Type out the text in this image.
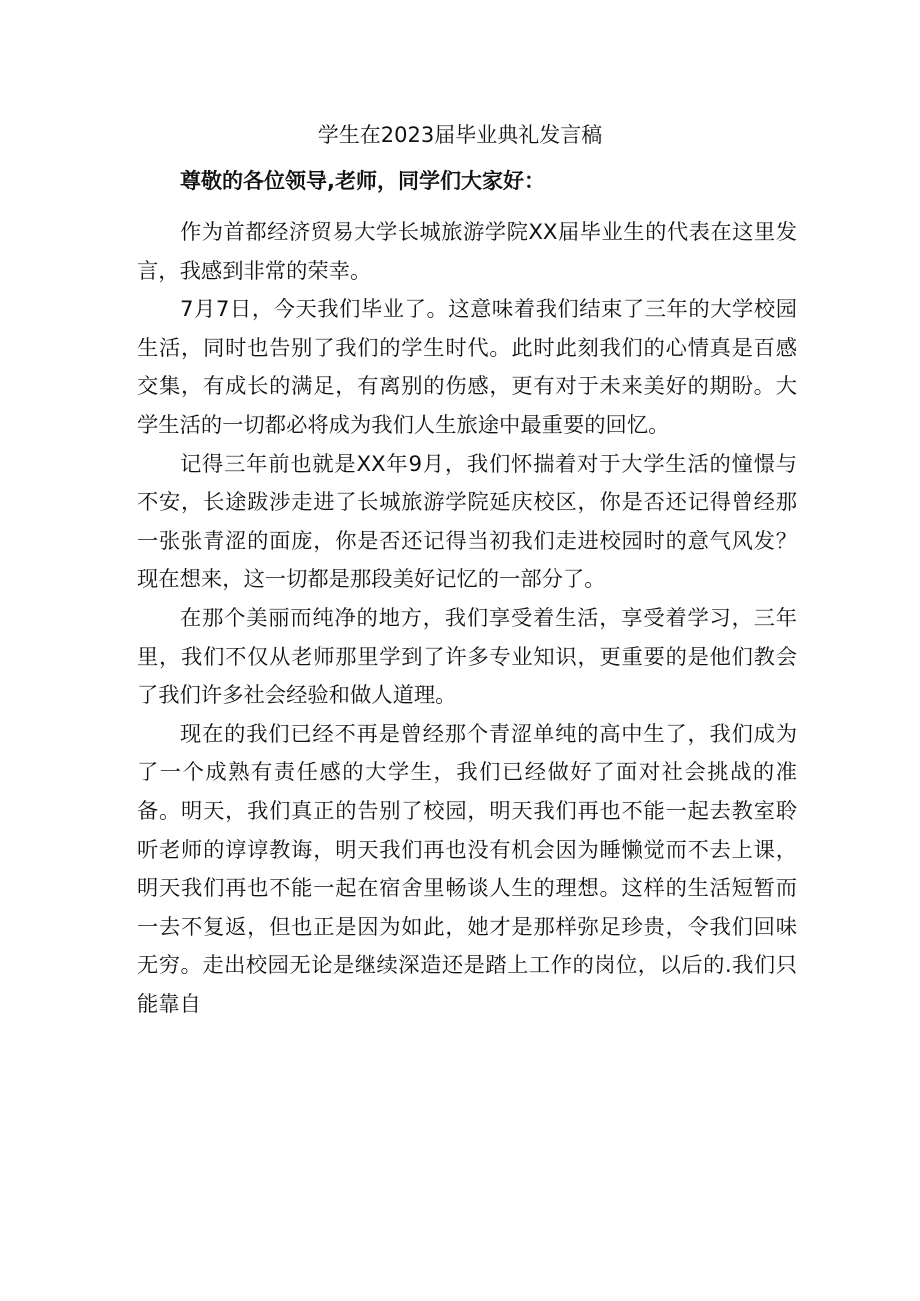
学生在2023届毕业典礼发言稿
尊敬的各位领导,老师，同学们大家好：

作为首都经济贸易大学长城旅游学院XX届毕业生的代表在这里发言，我感到非常的荣幸。

7月7日，今天我们毕业了。这意味着我们结束了三年的大学校园生活，同时也告别了我们的学生时代。此时此刻我们的心情真是百感交集，有成长的满足，有离别的伤感，更有对于未来美好的期盼。大学生活的一切都必将成为我们人生旅途中最重要的回忆。

记得三年前也就是XX年9月，我们怀揣着对于大学生活的憧憬与不安，长途跋涉走进了长城旅游学院延庆校区，你是否还记得曾经那一张张青涩的面庞，你是否还记得当初我们走进校园时的意气风发？现在想来，这一切都是那段美好记忆的一部分了。

在那个美丽而纯净的地方，我们享受着生活，享受着学习，三年里，我们不仅从老师那里学到了许多专业知识，更重要的是他们教会了我们许多社会经验和做人道理。

现在的我们已经不再是曾经那个青涩单纯的高中生了，我们成为了一个成熟有责任感的大学生，我们已经做好了面对社会挑战的准备。明天，我们真正的告别了校园，明天我们再也不能一起去教室聆听老师的谆谆教诲，明天我们再也没有机会因为睡懒觉而不去上课，明天我们再也不能一起在宿舍里畅谈人生的理想。这样的生活短暂而一去不复返，但也正是因为如此，她才是那样弥足珍贵，令我们回味无穷。走出校园无论是继续深造还是踏上工作的岗位，以后的.我们只能靠自
